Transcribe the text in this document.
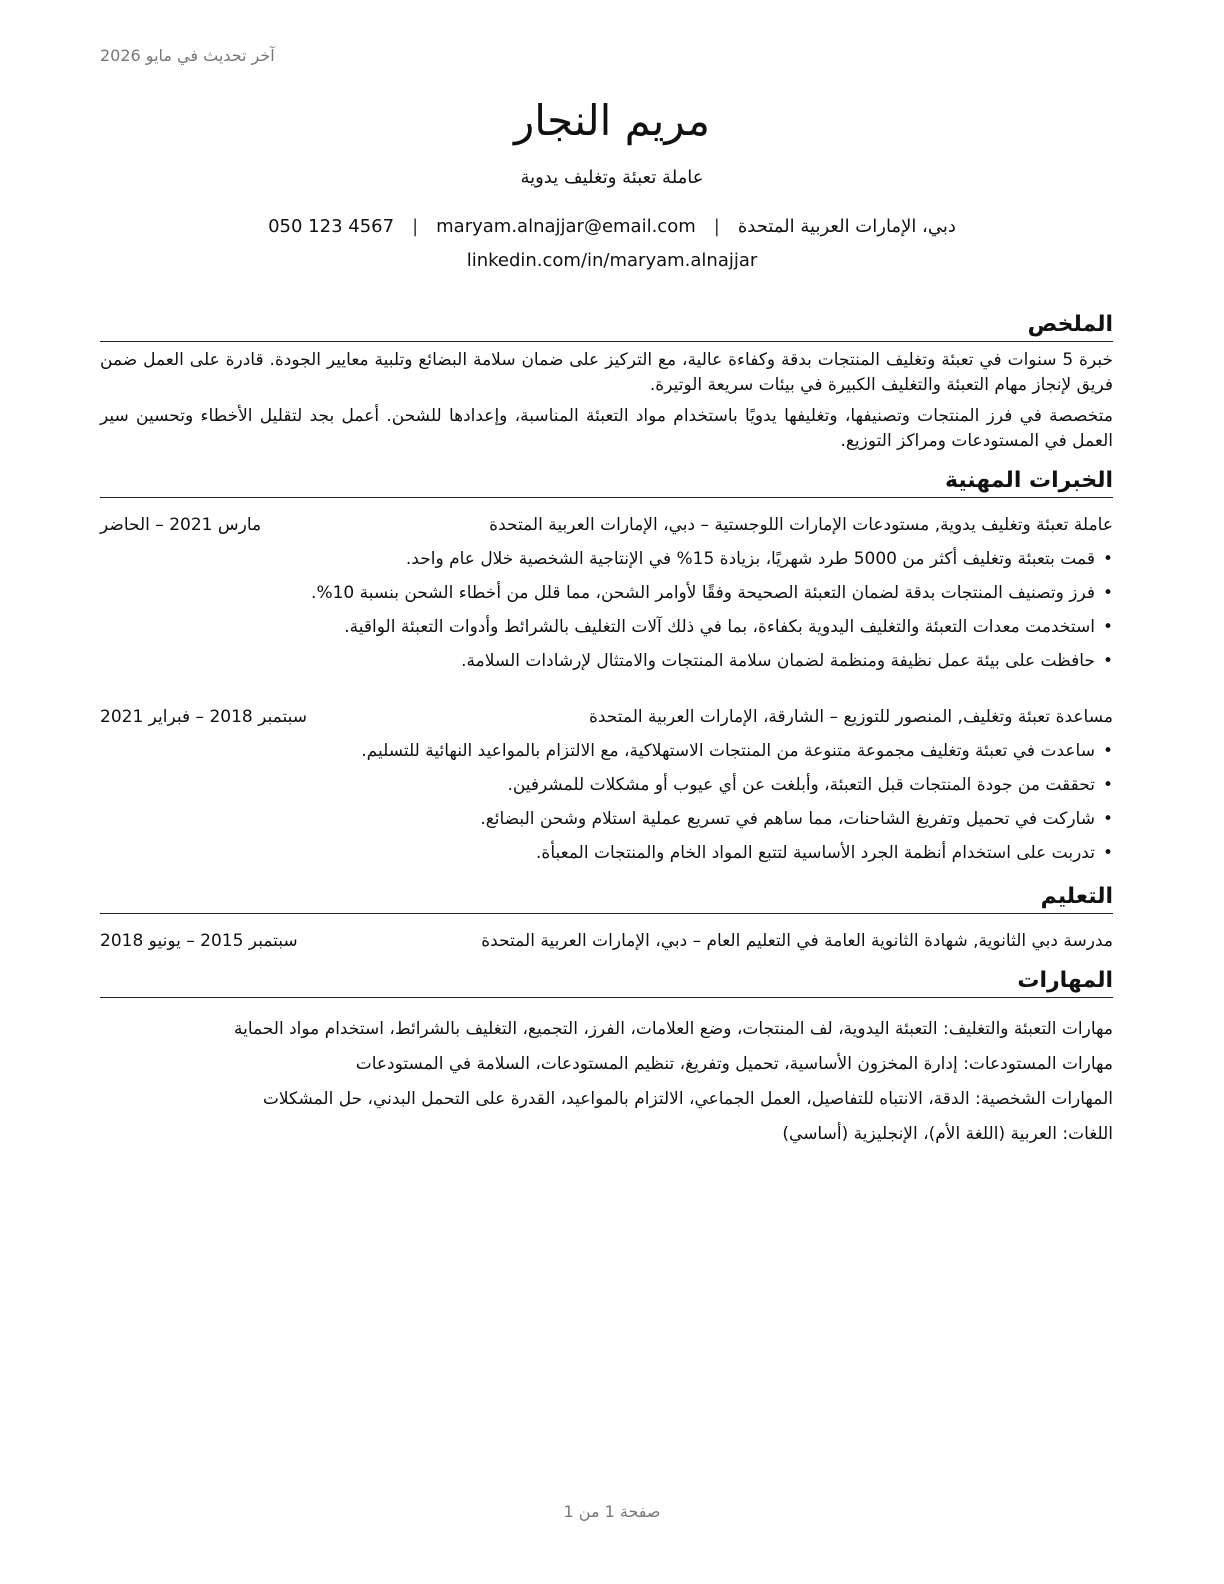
آخر تحديث في مايو 2026
مريم النجار
عاملة تعبئة وتغليف يدوية
دبي، الإمارات العربية المتحدة
|
maryam.alnajjar@email.com
|
050 123 4567
linkedin.com/in/maryam.alnajjar
الملخص

خبرة 5 سنوات في تعبئة وتغليف المنتجات بدقة وكفاءة عالية، مع التركيز على ضمان سلامة البضائع وتلبية معايير الجودة. قادرة على العمل ضمن فريق لإنجاز مهام التعبئة والتغليف الكبيرة في بيئات سريعة الوتيرة.

متخصصة في فرز المنتجات وتصنيفها، وتغليفها يدويًا باستخدام مواد التعبئة المناسبة، وإعدادها للشحن. أعمل بجد لتقليل الأخطاء وتحسين سير العمل في المستودعات ومراكز التوزيع.

الخبرات المهنية
عاملة تعبئة وتغليف يدوية, مستودعات الإمارات اللوجستية – دبي، الإمارات العربية المتحدة
مارس 2021 – الحاضر
•
قمت بتعبئة وتغليف أكثر من 5000 طرد شهريًا، بزيادة 15% في الإنتاجية الشخصية خلال عام واحد.
•
فرز وتصنيف المنتجات بدقة لضمان التعبئة الصحيحة وفقًا لأوامر الشحن، مما قلل من أخطاء الشحن بنسبة 10%.
•
استخدمت معدات التعبئة والتغليف اليدوية بكفاءة، بما في ذلك آلات التغليف بالشرائط وأدوات التعبئة الواقية.
•
حافظت على بيئة عمل نظيفة ومنظمة لضمان سلامة المنتجات والامتثال لإرشادات السلامة.
مساعدة تعبئة وتغليف, المنصور للتوزيع – الشارقة، الإمارات العربية المتحدة
سبتمبر 2018 – فبراير 2021
•
ساعدت في تعبئة وتغليف مجموعة متنوعة من المنتجات الاستهلاكية، مع الالتزام بالمواعيد النهائية للتسليم.
•
تحققت من جودة المنتجات قبل التعبئة، وأبلغت عن أي عيوب أو مشكلات للمشرفين.
•
شاركت في تحميل وتفريغ الشاحنات، مما ساهم في تسريع عملية استلام وشحن البضائع.
•
تدربت على استخدام أنظمة الجرد الأساسية لتتبع المواد الخام والمنتجات المعبأة.
التعليم
مدرسة دبي الثانوية, شهادة الثانوية العامة في التعليم العام – دبي، الإمارات العربية المتحدة
سبتمبر 2015 – يونيو 2018
المهارات
مهارات التعبئة والتغليف: التعبئة اليدوية، لف المنتجات، وضع العلامات، الفرز، التجميع، التغليف بالشرائط، استخدام مواد الحماية
مهارات المستودعات: إدارة المخزون الأساسية، تحميل وتفريغ، تنظيم المستودعات، السلامة في المستودعات
المهارات الشخصية: الدقة، الانتباه للتفاصيل، العمل الجماعي، الالتزام بالمواعيد، القدرة على التحمل البدني، حل المشكلات
اللغات: العربية (اللغة الأم)، الإنجليزية (أساسي)
صفحة 1 من 1
